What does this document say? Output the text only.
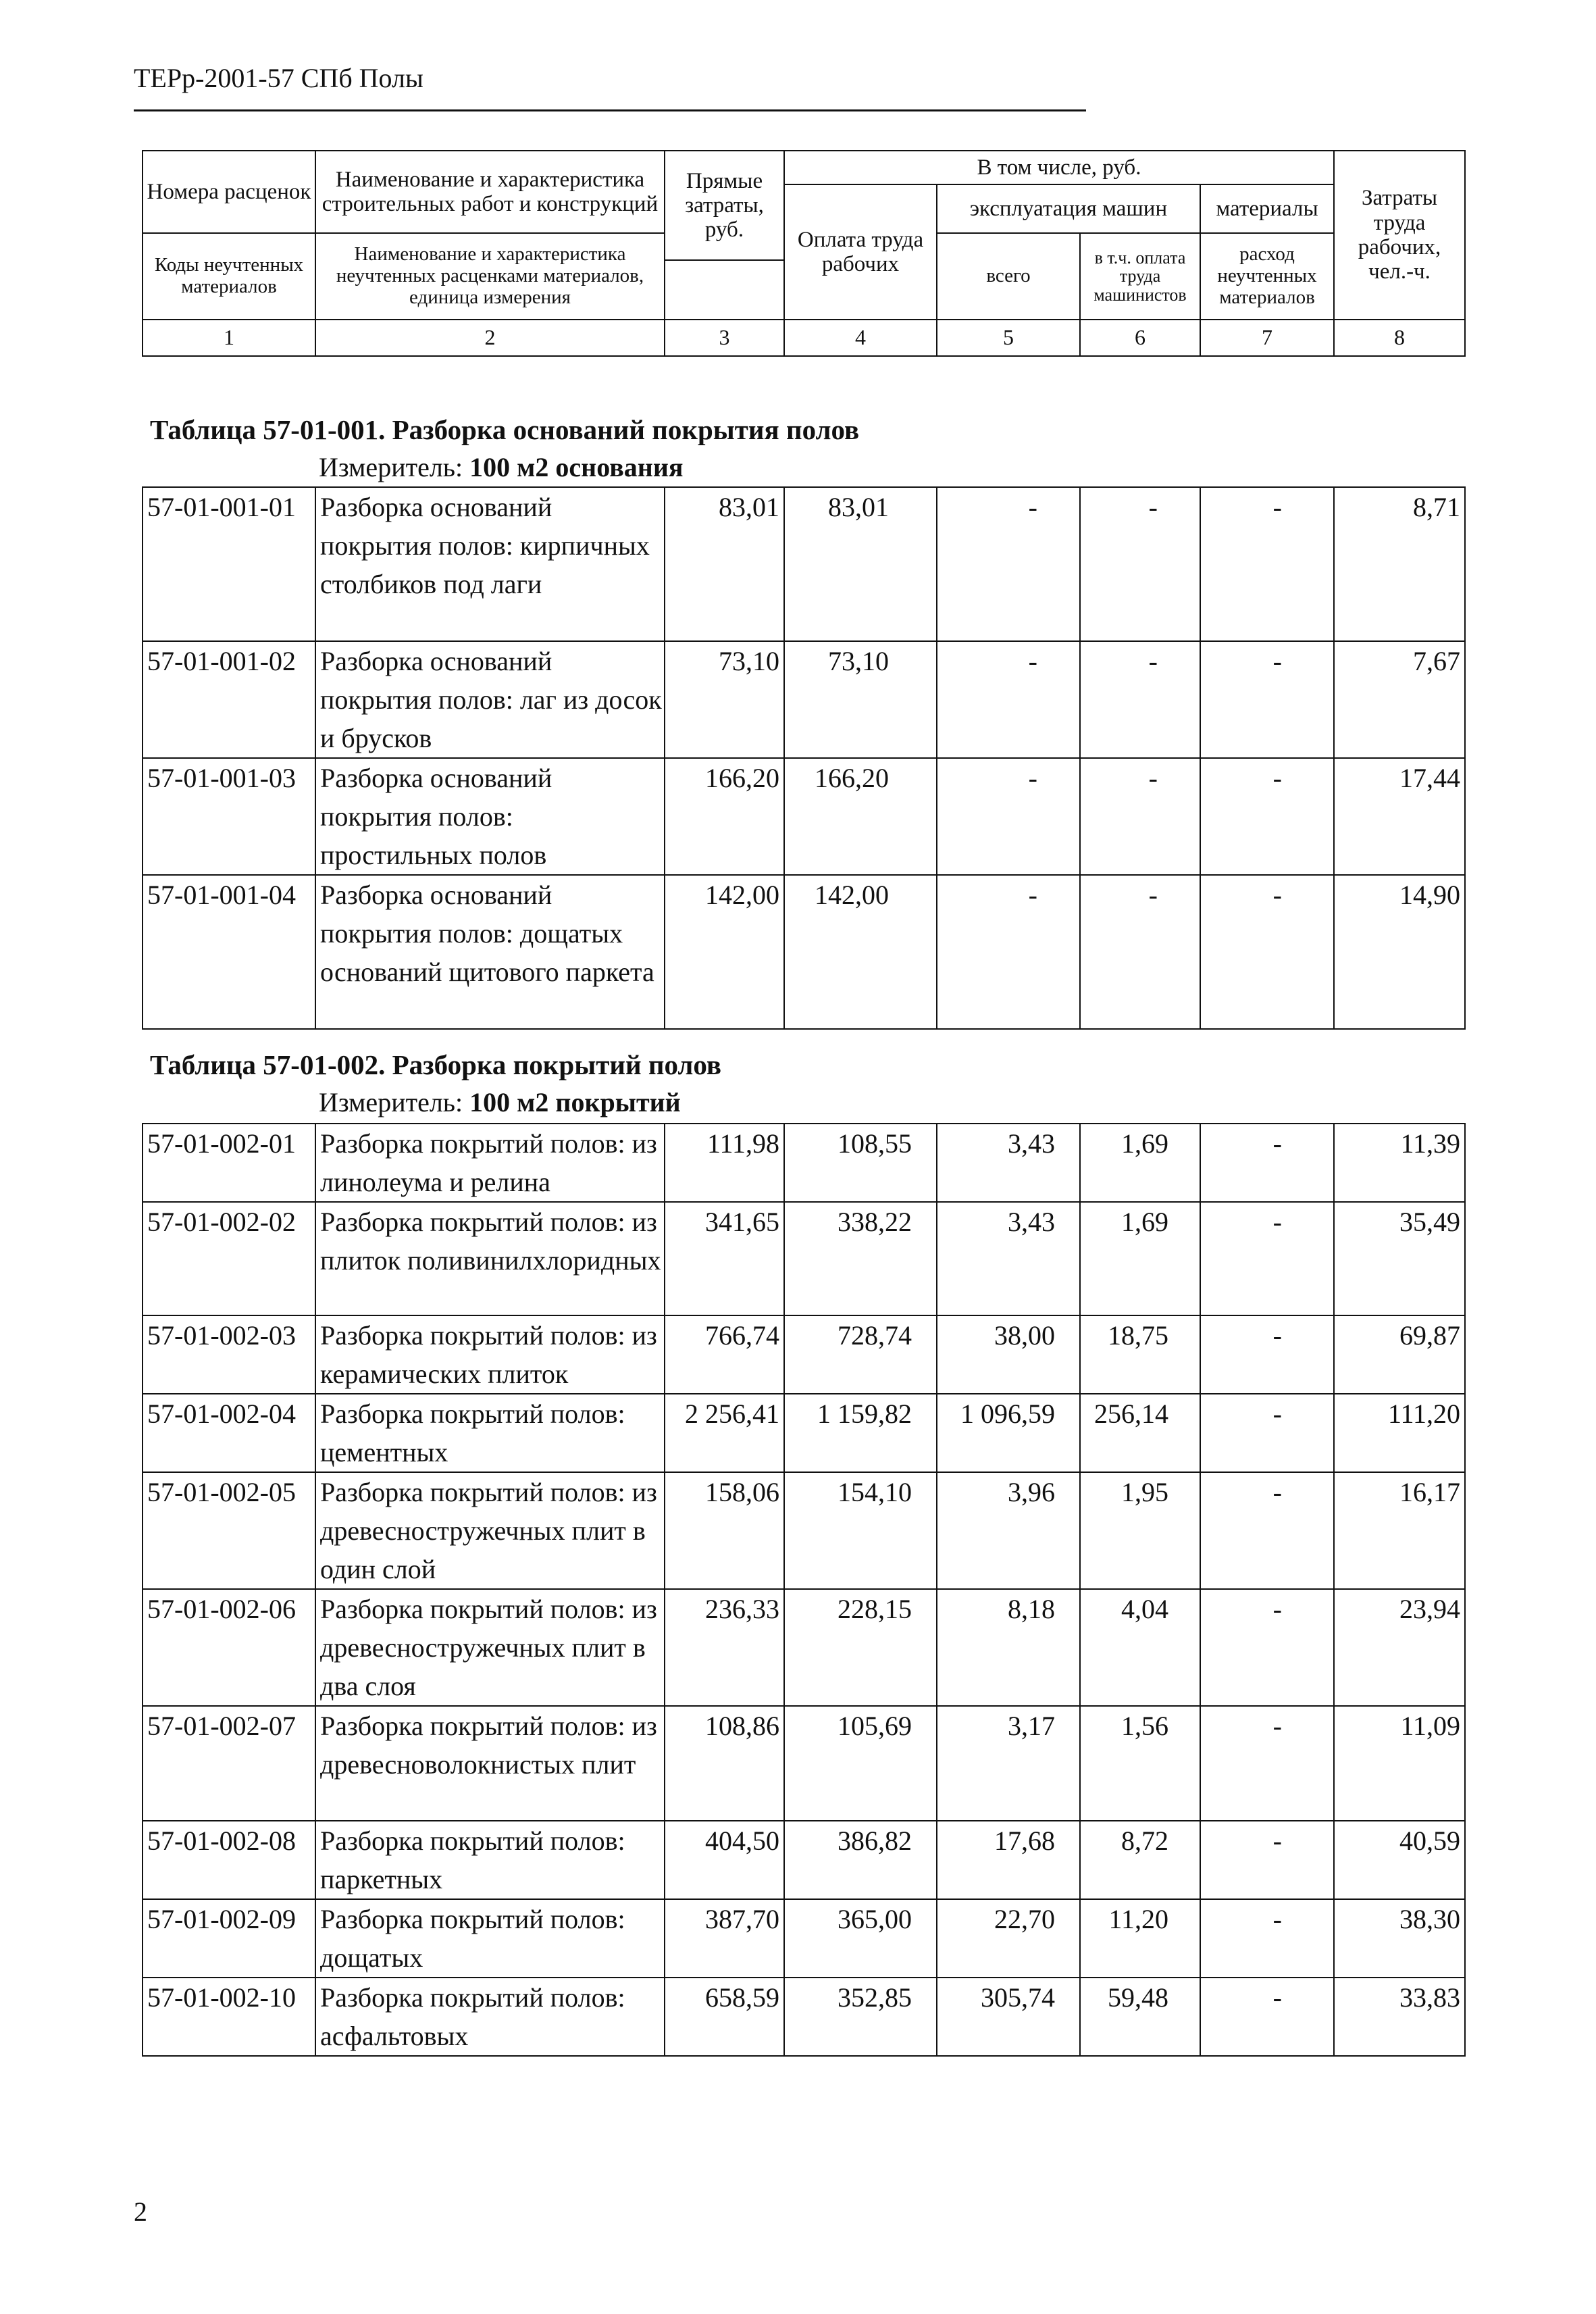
ТЕРр-2001-57 СПб Полы
Номера расценок	Наименование и характеристика строительных работ и конструкций	Прямые затраты, руб.	В том числе, руб.				Затраты труда рабочих, чел.-ч.
			Оплата труда рабочих	эксплуатация машин		материалы	

Коды неучтенных материалов	Наименование и характеристика неучтенных расценками материалов, единица измерения			всего	в т.ч. оплата труда машинистов	расход неучтенных материалов	

1	2	3	4	5	6	7	8
Таблица 57-01-001. Разборка оснований покрытия полов
Измеритель: 100 м2 основания
57-01-001-01	Разборка оснований покрытия полов: кирпичных столбиков под лаги	83,01	83,01	-	-	-	8,71
57-01-001-02	Разборка оснований покрытия полов: лаг из досок и брусков	73,10	73,10	-	-	-	7,67
57-01-001-03	Разборка оснований покрытия полов: простильных полов	166,20	166,20	-	-	-	17,44
57-01-001-04	Разборка оснований покрытия полов: дощатых оснований щитового паркета	142,00	142,00	-	-	-	14,90
Таблица 57-01-002. Разборка покрытий полов
Измеритель: 100 м2 покрытий
57-01-002-01	Разборка покрытий полов: из линолеума и релина	111,98	108,55	3,43	1,69	-	11,39
57-01-002-02	Разборка покрытий полов: из плиток поливинилхлоридных	341,65	338,22	3,43	1,69	-	35,49
57-01-002-03	Разборка покрытий полов: из керамических плиток	766,74	728,74	38,00	18,75	-	69,87
57-01-002-04	Разборка покрытий полов: цементных	2 256,41	1 159,82	1 096,59	256,14	-	111,20
57-01-002-05	Разборка покрытий полов: из древесностружечных плит в один слой	158,06	154,10	3,96	1,95	-	16,17
57-01-002-06	Разборка покрытий полов: из древесностружечных плит в два слоя	236,33	228,15	8,18	4,04	-	23,94
57-01-002-07	Разборка покрытий полов: из древесноволокнистых плит	108,86	105,69	3,17	1,56	-	11,09
57-01-002-08	Разборка покрытий полов: паркетных	404,50	386,82	17,68	8,72	-	40,59
57-01-002-09	Разборка покрытий полов: дощатых	387,70	365,00	22,70	11,20	-	38,30
57-01-002-10	Разборка покрытий полов: асфальтовых	658,59	352,85	305,74	59,48	-	33,83
2
